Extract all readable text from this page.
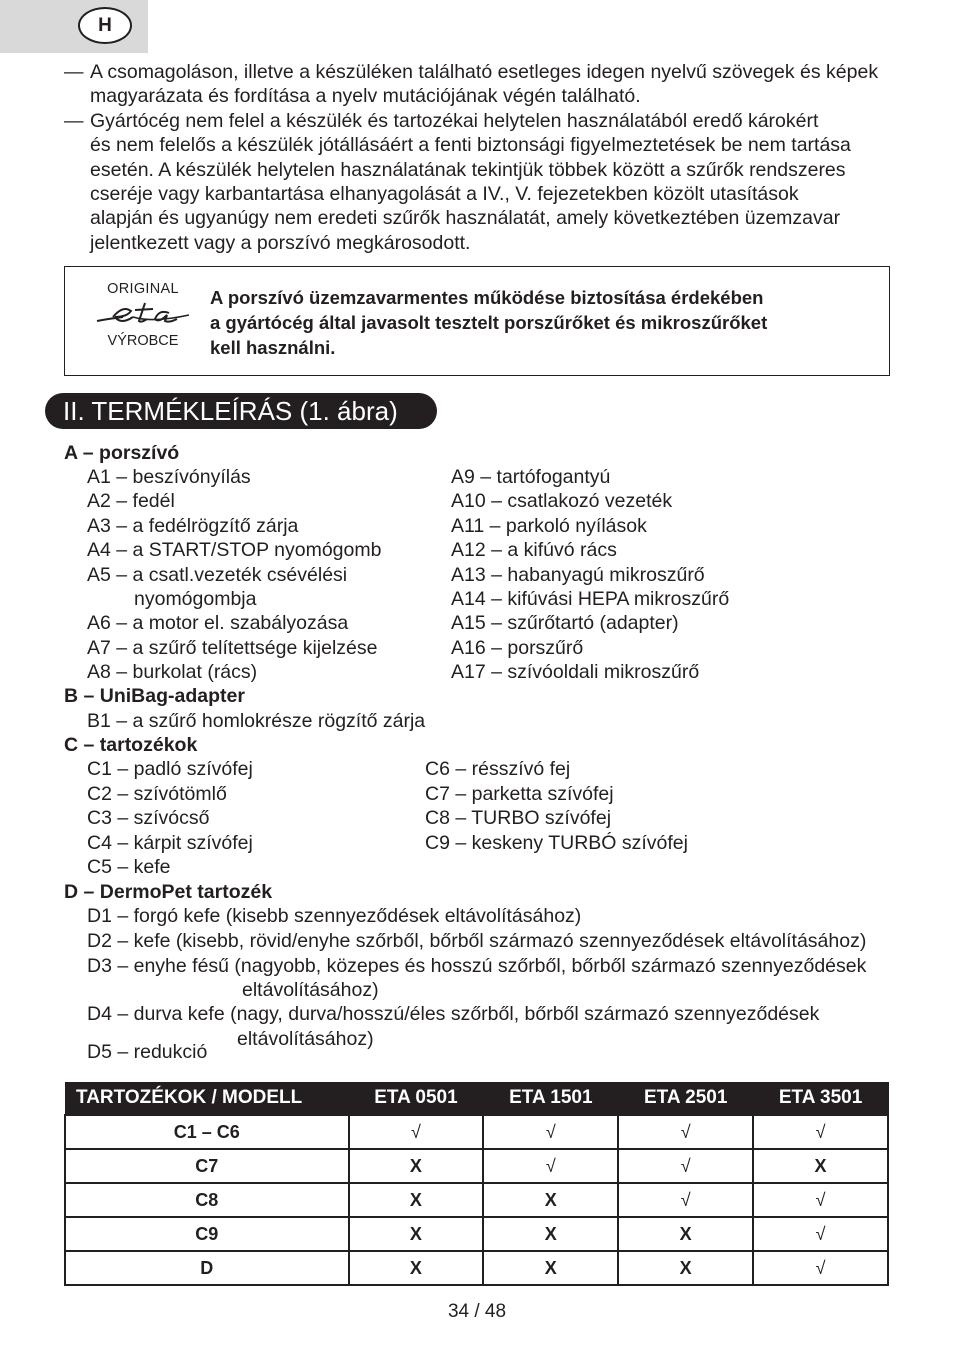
H

— A csomagoláson, illetve a készüléken található esetleges idegen nyelvű szövegek és képek
magyarázata és fordítása a nyelv mutációjának végén található.

— Gyártócég nem felel a készülék és tartozékai helytelen használatából eredő károkért
és nem felelős a készülék jótállásáért a fenti biztonsági figyelmeztetések be nem tartása
esetén. A készülék helytelen használatának tekintjük többek között a szűrők rendszeres
cseréje vagy karbantartása elhanyagolását a IV., V. fejezetekben közölt utasítások
alapján és ugyanúgy nem eredeti szűrők használatát, amely következtében üzemzavar
jelentkezett vagy a porszívó megkárosodott.

ORIGINAL
VÝROBCE
A porszívó üzemzavarmentes működése biztosítása érdekében
a gyártócég által javasolt tesztelt porszűrőket és mikroszűrőket
kell használni.
II. TERMÉKLEÍRÁS (1. ábra)
A – porszívó
A1 – beszívónyílás
A2 – fedél
A3 – a fedélrögzítő zárja
A4 – a START/STOP nyomógomb
A5 – a csatl.vezeték csévélési
nyomógombja
A6 – a motor el. szabályozása
A7 – a szűrő telítettsége kijelzése
A8 – burkolat (rács)
A9 – tartófogantyú
A10 – csatlakozó vezeték
A11 – parkoló nyílások
A12 – a kifúvó rács
A13 – habanyagú mikroszűrő
A14 – kifúvási HEPA mikroszűrő
A15 – szűrőtartó (adapter)
A16 – porszűrő
A17 – szívóoldali mikroszűrő
B – UniBag-adapter
B1 – a szűrő homlokrésze rögzítő zárja
C – tartozékok
C1 – padló szívófej
C2 – szívótömlő
C3 – szívócső
C4 – kárpit szívófej
C5 – kefe
C6 – résszívó fej
C7 – parketta szívófej
C8 – TURBO szívófej
C9 – keskeny TURBÓ szívófej
D – DermoPet tartozék
D1 – forgó kefe (kisebb szennyeződések eltávolításához)
D2 – kefe (kisebb, rövid/enyhe szőrből, bőrből származó szennyeződések eltávolításához)
D3 – enyhe fésű (nagyobb, közepes és hosszú szőrből, bőrből származó szennyeződések
eltávolításához)
D4 – durva kefe (nagy, durva/hosszú/éles szőrből, bőrből származó szennyeződések
eltávolításához)
D5 – redukció
TARTOZÉKOK / MODELL	ETA 0501	ETA 1501	ETA 2501	ETA 3501
C1 – C6	√	√	√	√
C7	X	√	√	X
C8	X	X	√	√
C9	X	X	X	√
D	X	X	X	√
34 / 48
